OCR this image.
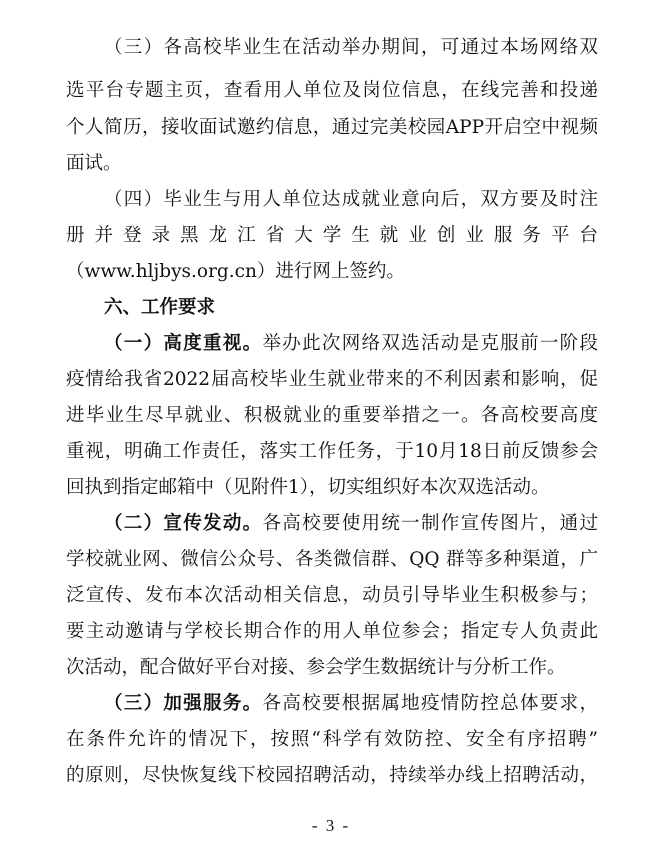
（三）各高校毕业生在活动举办期间，可通过本场网络双
选平台专题主页，查看用人单位及岗位信息，在线完善和投递
个人简历，接收面试邀约信息，通过完美校园APP开启空中视频
面试。
（四）毕业生与用人单位达成就业意向后，双方要及时注
册并登录黑龙江省大学生就业创业服务平台
（www.hljbys.org.cn）进行网上签约。
六、工作要求
（一）高度重视。举办此次网络双选活动是克服前一阶段
疫情给我省2022届高校毕业生就业带来的不利因素和影响，促
进毕业生尽早就业、积极就业的重要举措之一。各高校要高度
重视，明确工作责任，落实工作任务，于10月18日前反馈参会
回执到指定邮箱中（见附件1），切实组织好本次双选活动。
（二）宣传发动。各高校要使用统一制作宣传图片，通过
学校就业网、微信公众号、各类微信群、QQ 群等多种渠道，广
泛宣传、发布本次活动相关信息，动员引导毕业生积极参与；
要主动邀请与学校长期合作的用人单位参会；指定专人负责此
次活动，配合做好平台对接、参会学生数据统计与分析工作。
（三）加强服务。各高校要根据属地疫情防控总体要求，
在条件允许的情况下，按照“科学有效防控、安全有序招聘”
的原则，尽快恢复线下校园招聘活动，持续举办线上招聘活动，
- 3 -
